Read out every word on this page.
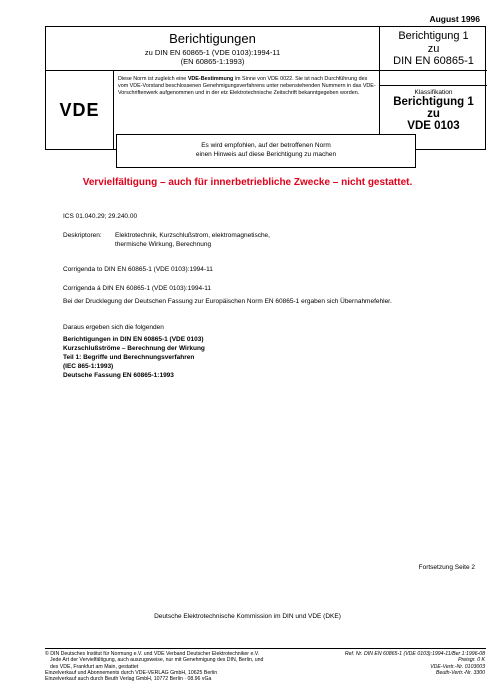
August 1996
Berichtigungen
zu DIN EN 60865-1 (VDE 0103):1994-11
(EN 60865-1:1993)
VDE
Diese Norm ist zugleich eine VDE-Bestimmung im Sinne von VDE 0022. Sie ist nach Durchführung des vom VDE-Vorstand beschlossenen Genehmigungsverfahrens unter nebenstehenden Nummern in das VDE-Vorschriftenwerk aufgenommen und in der etz Elektrotechnische Zeitschrift bekanntgegeben worden.
Berichtigung 1
zu
DIN EN 60865-1
Klassifikation
Berichtigung 1
zu
VDE 0103
Es wird empfohlen, auf der betroffenen Norm
einen Hinweis auf diese Berichtigung zu machen
Vervielfältigung – auch für innerbetriebliche Zwecke – nicht gestattet.
ICS 01.040.29; 29.240.00
Deskriptoren: Elektrotechnik, Kurzschlußstrom, elektromagnetische,
thermische Wirkung, Berechnung
Corrigenda to DIN EN 60865-1 (VDE 0103):1994-11
Corrigenda á DIN EN 60865-1 (VDE 0103):1994-11
Bei der Drucklegung der Deutschen Fassung zur Europäischen Norm EN 60865-1 ergaben sich Übernahmefehler.
Daraus ergeben sich die folgenden
Berichtigungen in DIN EN 60865-1 (VDE 0103)
Kurzschlußströme – Berechnung der Wirkung
Teil 1: Begriffe und Berechnungsverfahren
(IEC 865-1:1993)
Deutsche Fassung EN 60865-1:1993
Fortsetzung Seite 2
Deutsche Elektrotechnische Kommission im DIN und VDE (DKE)
© DIN Deutsches Institut für Normung e.V. und VDE Verband Deutscher Elektrotechniker e.V.
Jede Art der Vervielfältigung, auch auszugsweise, nur mit Genehmigung des DIN, Berlin, und
des VDE, Frankfurt am Main, gestattet
Einzelverkauf und Abonnements durch VDE-VERLAG GmbH, 10625 Berlin
Einzelverkauf auch durch Beuth Verlag GmbH, 10772 Berlin · 08.96 vGa
Ref. Nr. DIN EN 60865-1 (VDE 0103):1994-11/Ber 1:1996-08
Preisgr. 0 K
VDE-Vertr.-Nr. 0103003
Beuth-Vertr.-Nr. 3300
